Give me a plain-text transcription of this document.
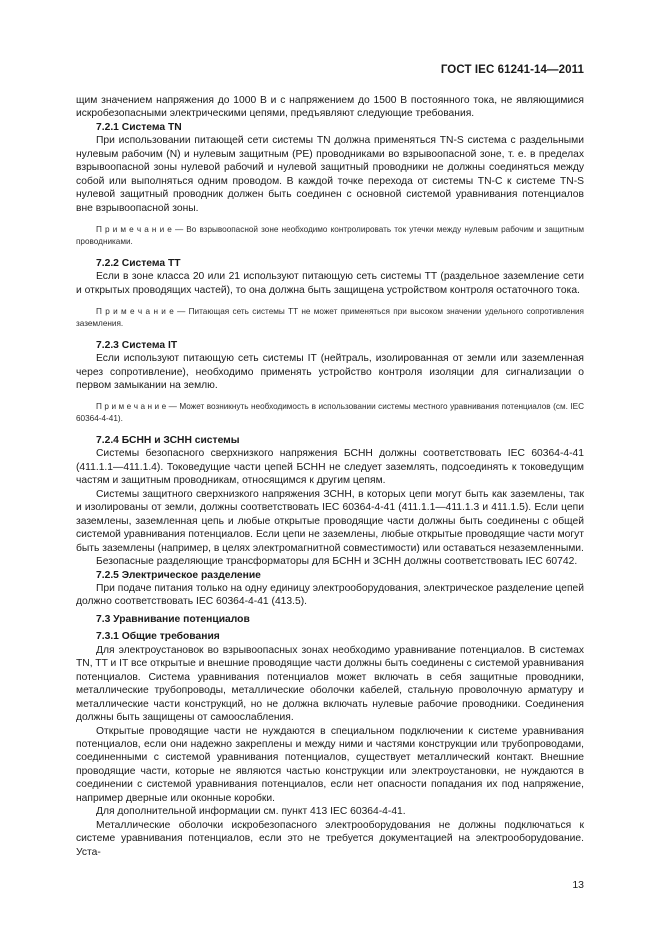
ГОСТ IEC 61241-14—2011

щим значением напряжения до 1000 В и с напряжением до 1500 В постоянного тока, не являющимися искробезопасными электрическими цепями, предъявляют следующие требования.

7.2.1 Система TN

При использовании питающей сети системы TN должна применяться TN-S система с раздельными нулевым рабочим (N) и нулевым защитным (PE) проводниками во взрывоопасной зоне, т. е. в пределах взрывоопасной зоны нулевой рабочий и нулевой защитный проводники не должны соединяться между собой или выполняться одним проводом. В каждой точке перехода от системы TN-C к системе TN-S нулевой защитный проводник должен быть соединен с основной системой уравнивания потенциалов вне взрывоопасной зоны.

П р и м е ч а н и е — Во взрывоопасной зоне необходимо контролировать ток утечки между нулевым рабочим и защитным проводниками.

7.2.2 Система TT

Если в зоне класса 20 или 21 используют питающую сеть системы TT (раздельное заземление сети и открытых проводящих частей), то она должна быть защищена устройством контроля остаточного тока.

П р и м е ч а н и е — Питающая сеть системы TT не может применяться при высоком значении удельного сопротивления заземления.

7.2.3 Система IT

Если используют питающую сеть системы IT (нейтраль, изолированная от земли или заземленная через сопротивление), необходимо применять устройство контроля изоляции для сигнализации о первом замыкании на землю.

П р и м е ч а н и е — Может возникнуть необходимость в использовании системы местного уравнивания потенциалов (см. IEC 60364-4-41).

7.2.4 БСНН и ЗСНН системы

Системы безопасного сверхнизкого напряжения БСНН должны соответствовать IEC 60364-4-41 (411.1.1—411.1.4). Токоведущие части цепей БСНН не следует заземлять, подсоединять к токоведущим частям и защитным проводникам, относящимся к другим цепям.

Системы защитного сверхнизкого напряжения ЗСНН, в которых цепи могут быть как заземлены, так и изолированы от земли, должны соответствовать IEC 60364-4-41 (411.1.1—411.1.3 и 411.1.5). Если цепи заземлены, заземленная цепь и любые открытые проводящие части должны быть соединены с общей системой уравнивания потенциалов. Если цепи не заземлены, любые открытые проводящие части могут быть заземлены (например, в целях электромагнитной совместимости) или оставаться незаземленными.

Безопасные разделяющие трансформаторы для БСНН и ЗСНН должны соответствовать IEC 60742.

7.2.5 Электрическое разделение

При подаче питания только на одну единицу электрооборудования, электрическое разделение цепей должно соответствовать IEC 60364-4-41 (413.5).

7.3 Уравнивание потенциалов

7.3.1 Общие требования

Для электроустановок во взрывоопасных зонах необходимо уравнивание потенциалов. В системах TN, TT и IT все открытые и внешние проводящие части должны быть соединены с системой уравнивания потенциалов. Система уравнивания потенциалов может включать в себя защитные проводники, металлические трубопроводы, металлические оболочки кабелей, стальную проволочную арматуру и металлические части конструкций, но не должна включать нулевые рабочие проводники. Соединения должны быть защищены от самоослабления.

Открытые проводящие части не нуждаются в специальном подключении к системе уравнивания потенциалов, если они надежно закреплены и между ними и частями конструкции или трубопроводами, соединенными с системой уравнивания потенциалов, существует металлический контакт. Внешние проводящие части, которые не являются частью конструкции или электроустановки, не нуждаются в соединении с системой уравнивания потенциалов, если нет опасности попадания их под напряжение, например дверные или оконные коробки.

Для дополнительной информации см. пункт 413 IEC 60364-4-41.

Металлические оболочки искробезопасного электрооборудования не должны подключаться к системе уравнивания потенциалов, если это не требуется документацией на электрооборудование. Уста-

13
